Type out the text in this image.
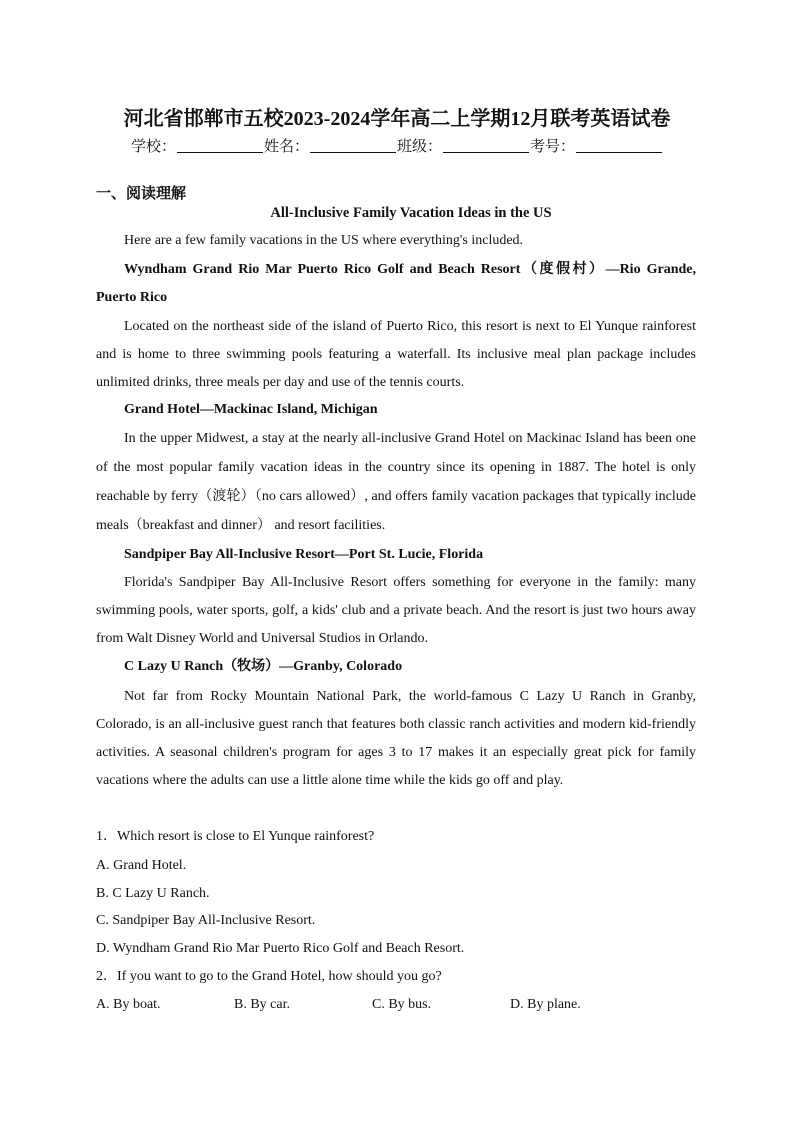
河北省邯郸市五校2023-2024学年高二上学期12月联考英语试卷
学校：	姓名：	班级：	考号：
一、阅读理解
All-Inclusive Family Vacation Ideas in the US
Here are a few family vacations in the US where everything's included.
Wyndham Grand Rio Mar Puerto Rico Golf and Beach Resort（度假村）—Rio Grande, Puerto Rico
Located on the northeast side of the island of Puerto Rico, this resort is next to El Yunque rainforest and is home to three swimming pools featuring a waterfall. Its inclusive meal plan package includes unlimited drinks, three meals per day and use of the tennis courts.
Grand Hotel—Mackinac Island, Michigan
In the upper Midwest, a stay at the nearly all-inclusive Grand Hotel on Mackinac Island has been one of the most popular family vacation ideas in the country since its opening in 1887. The hotel is only reachable by ferry（渡轮）（no cars allowed）, and offers family vacation packages that typically include meals（breakfast and dinner） and resort facilities.
Sandpiper Bay All-Inclusive Resort—Port St. Lucie, Florida
Florida's Sandpiper Bay All-Inclusive Resort offers something for everyone in the family: many swimming pools, water sports, golf, a kids' club and a private beach. And the resort is just two hours away from Walt Disney World and Universal Studios in Orlando.
C Lazy U Ranch（牧场）—Granby, Colorado
Not far from Rocky Mountain National Park, the world-famous C Lazy U Ranch in Granby, Colorado, is an all-inclusive guest ranch that features both classic ranch activities and modern kid-friendly activities. A seasonal children's program for ages 3 to 17 makes it an especially great pick for family vacations where the adults can use a little alone time while the kids go off and play.
1．Which resort is close to El Yunque rainforest?
A. Grand Hotel.
B. C Lazy U Ranch.
C. Sandpiper Bay All-Inclusive Resort.
D. Wyndham Grand Rio Mar Puerto Rico Golf and Beach Resort.
2．If you want to go to the Grand Hotel, how should you go?
A. By boat.	B. By car.	C. By bus.	D. By plane.
